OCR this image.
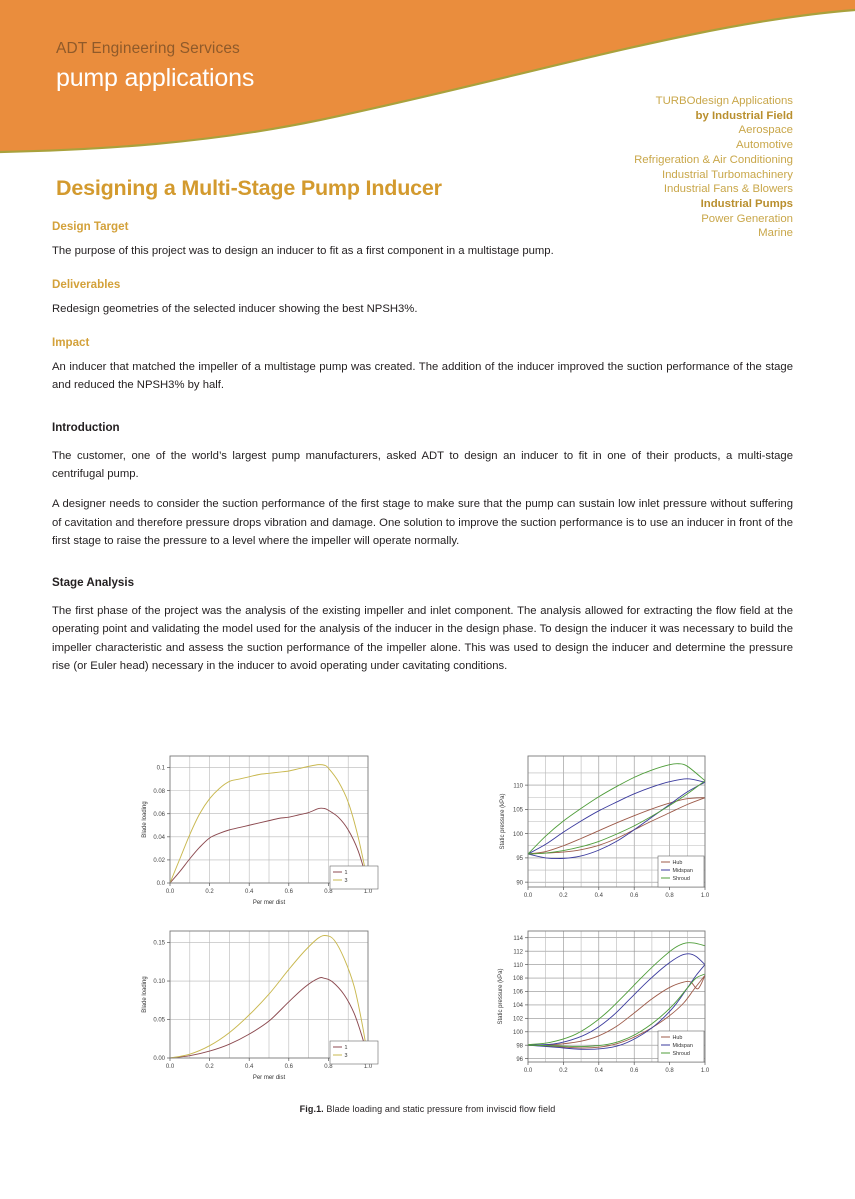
ADT Engineering Services
pump applications
TURBOdesign Applications
by Industrial Field
Aerospace
Automotive
Refrigeration & Air Conditioning
Industrial Turbomachinery
Industrial Fans & Blowers
Industrial Pumps
Power Generation
Marine
Designing a Multi-Stage Pump Inducer
Design Target

The purpose of this project was to design an inducer to fit as a first component in a multistage pump.

Deliverables

Redesign geometries of the selected inducer showing the best NPSH3%.

Impact

An inducer that matched the impeller of a multistage pump was created. The addition of the inducer improved the suction performance of the stage and reduced the NPSH3% by half.

Introduction

The customer, one of the world’s largest pump manufacturers, asked ADT to design an inducer to fit in one of their products, a multi-stage centrifugal pump.

A designer needs to consider the suction performance of the first stage to make sure that the pump can sustain low inlet pressure without suffering of cavitation and therefore pressure drops vibration and damage. One solution to improve the suction performance is to use an inducer in front of the first stage to raise the pressure to a level where the impeller will operate normally.

Stage Analysis

The first phase of the project was the analysis of the existing impeller and inlet component. The analysis allowed for extracting the flow field at the operating point and validating the model used for the analysis of the inducer in the design phase. To design the inducer it was necessary to build the impeller characteristic and assess the suction performance of the impeller alone. This was used to design the inducer and determine the pressure rise (or Euler head) necessary in the inducer to avoid operating under cavitating conditions.

0.0	0.2	0.4	0.6	0.8	1.0
0.0
0.02
0.04
0.06
0.08
0.1
Per mer dist
Blade loading
1
3
0.0	0.2	0.4	0.6	0.8	1.0
90
95
100
105
110
Static pressure (kPa)
Hub
Midspan
Shroud
0.0	0.2	0.4	0.6	0.8	1.0
0.00
0.05
0.10
0.15
Per mer dist
Blade loading
1
3
0.0	0.2	0.4	0.6	0.8	1.0
96
98
100
102
104
106
108
110
112
114
Static pressure (kPa)
Hub
Midspan
Shroud
Fig.1. Blade loading and static pressure from inviscid flow field
